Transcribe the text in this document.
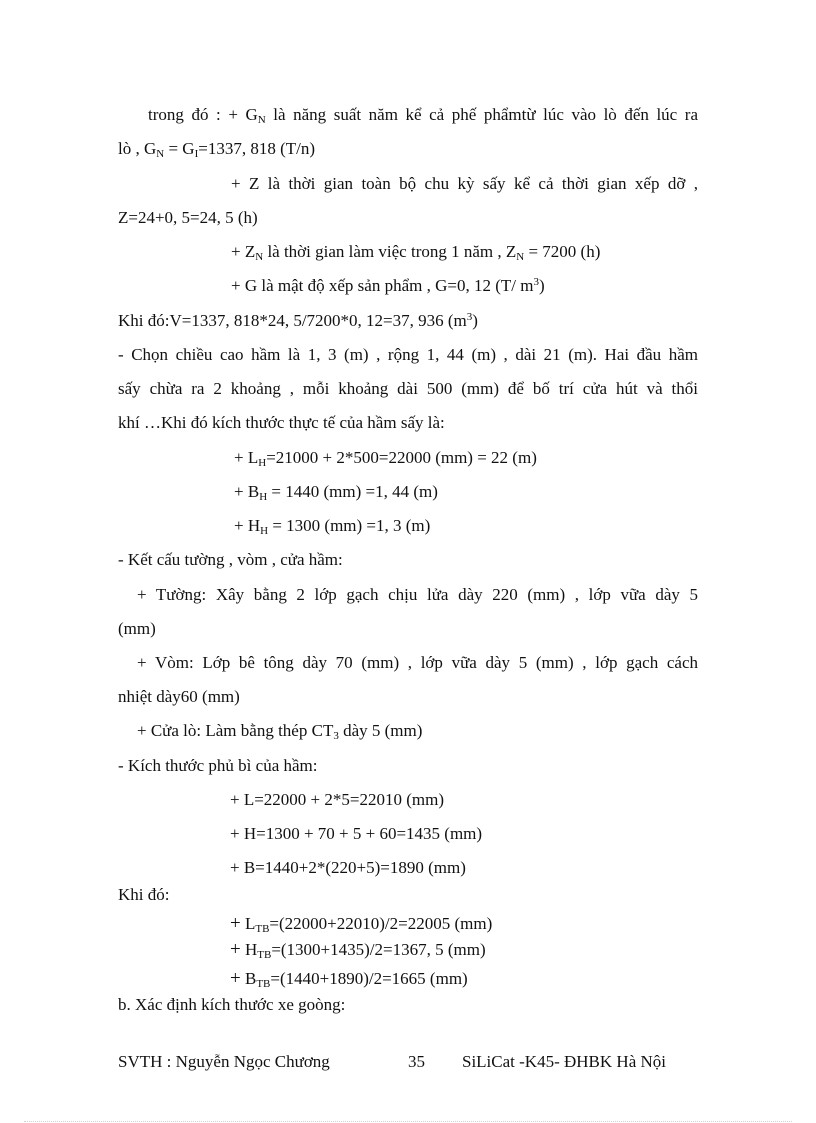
trong đó : + $G_N$ là năng suất năm kể cả phế phẩmtừ lúc vào lò đến lúc ra
lò , $G_N = G_I=1337$, 818 (T/n)
+ Z là thời gian toàn bộ chu kỳ sấy kể cả thời gian xếp dỡ ,
Z=24+0, 5=24, 5 (h)
+ $Z_N$ là thời gian làm việc trong 1 năm , $Z_N = 7200$ (h)
+ G là mật độ xếp sản phẩm , G=0, 12 (T/ $m^3$)
Khi đó:V=1337, 818*24, 5/7200*0, 12=37, 936 $(m^3)$
- Chọn chiều cao hầm là 1, 3 (m) , rộng 1, 44 (m) , dài 21 (m). Hai đầu hầm
sấy chừa ra 2 khoảng , mỗi khoảng dài 500 (mm) để bố trí cửa hút và thổi
khí …Khi đó kích thước thực tế của hầm sấy là:
+ $L_H=21000 + 2*500=22000$ (mm) = 22 (m)
+ $B_H = 1440$ (mm) =1, 44 (m)
+ $H_H = 1300$ (mm) =1, 3 (m)
- Kết cấu tường , vòm , cửa hầm:
+ Tường: Xây bằng 2 lớp gạch chịu lửa dày 220 (mm) , lớp vữa dày 5
(mm)
+ Vòm: Lớp bê tông dày 70 (mm) , lớp vữa dày 5 (mm) , lớp gạch cách
nhiệt dày60 (mm)
+ Cửa lò: Làm bằng thép $CT_3$ dày 5 (mm)
- Kích thước phủ bì của hầm:
+ L=22000 + 2*5=22010 (mm)
+ H=1300 + 70 + 5 + 60=1435 (mm)
+ B=1440+2*(220+5)=1890 (mm)
Khi đó:
+ $L_{TB}=(22000+22010)/2=22005$ (mm)
+ $H_{TB}=(1300+1435)/2=1367$, 5 (mm)
+ $B_{TB}=(1440+1890)/2=1665$ (mm)
b. Xác định kích thước xe goòng:
SVTH : Nguyễn Ngọc Chương	35 SiLiCat -K45- ĐHBK Hà Nội
